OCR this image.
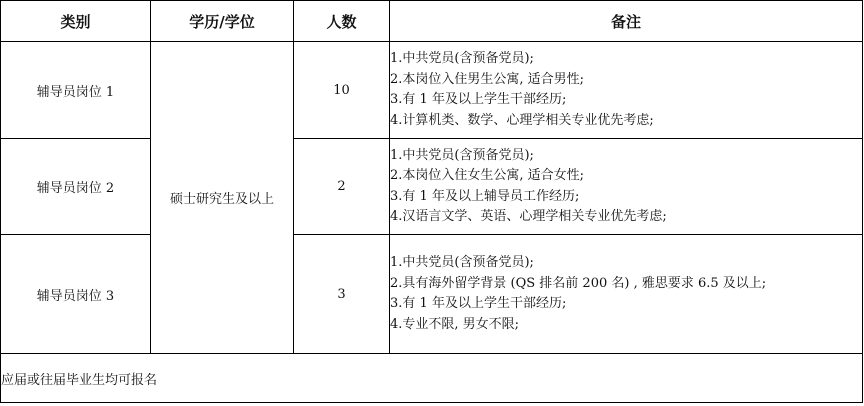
类别	学历/学位	人数	备注
辅导员岗位 1	硕士研究生及以上	10	1.中共党员(含预备党员);
2.本岗位入住男生公寓, 适合男性;
3.有 1 年及以上学生干部经历;
4.计算机类、数学、心理学相关专业优先考虑;

辅导员岗位 2		2	1.中共党员(含预备党员);
2.本岗位入住女生公寓, 适合女性;
3.有 1 年及以上辅导员工作经历;
4.汉语言文学、英语、心理学相关专业优先考虑;

辅导员岗位 3		3	1.中共党员(含预备党员);
2.具有海外留学背景 (QS 排名前 200 名) , 雅思要求 6.5 及以上;
3.有 1 年及以上学生干部经历;
4.专业不限, 男女不限;

应届或往届毕业生均可报名			
